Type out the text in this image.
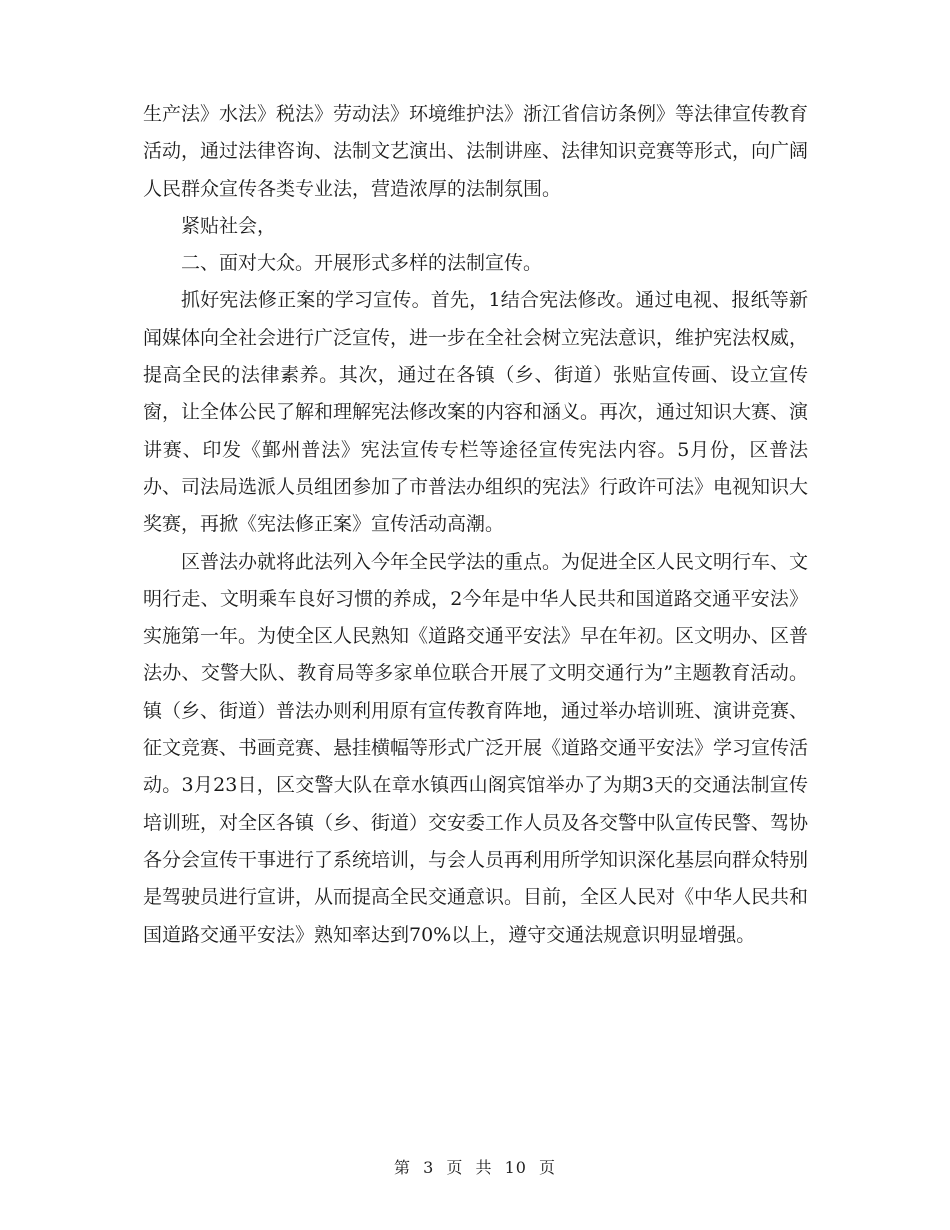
生产法》水法》税法》劳动法》环境维护法》浙江省信访条例》等法律宣传教育活动，通过法律咨询、法制文艺演出、法制讲座、法律知识竞赛等形式，向广阔人民群众宣传各类专业法，营造浓厚的法制氛围。

紧贴社会，

二、面对大众。开展形式多样的法制宣传。

抓好宪法修正案的学习宣传。首先，1结合宪法修改。通过电视、报纸等新闻媒体向全社会进行广泛宣传，进一步在全社会树立宪法意识，维护宪法权威，提高全民的法律素养。其次，通过在各镇（乡、街道）张贴宣传画、设立宣传窗，让全体公民了解和理解宪法修改案的内容和涵义。再次，通过知识大赛、演讲赛、印发《鄞州普法》宪法宣传专栏等途径宣传宪法内容。5月份，区普法办、司法局选派人员组团参加了市普法办组织的宪法》行政许可法》电视知识大奖赛，再掀《宪法修正案》宣传活动高潮。

区普法办就将此法列入今年全民学法的重点。为促进全区人民文明行车、文明行走、文明乘车良好习惯的养成，2今年是中华人民共和国道路交通平安法》实施第一年。为使全区人民熟知《道路交通平安法》早在年初。区文明办、区普法办、交警大队、教育局等多家单位联合开展了文明交通行为”主题教育活动。镇（乡、街道）普法办则利用原有宣传教育阵地，通过举办培训班、演讲竞赛、征文竞赛、书画竞赛、悬挂横幅等形式广泛开展《道路交通平安法》学习宣传活动。3月23日，区交警大队在章水镇西山阁宾馆举办了为期3天的交通法制宣传培训班，对全区各镇（乡、街道）交安委工作人员及各交警中队宣传民警、驾协各分会宣传干事进行了系统培训，与会人员再利用所学知识深化基层向群众特别是驾驶员进行宣讲，从而提高全民交通意识。目前，全区人民对《中华人民共和国道路交通平安法》熟知率达到70%以上，遵守交通法规意识明显增强。

第 3 页 共 10 页
